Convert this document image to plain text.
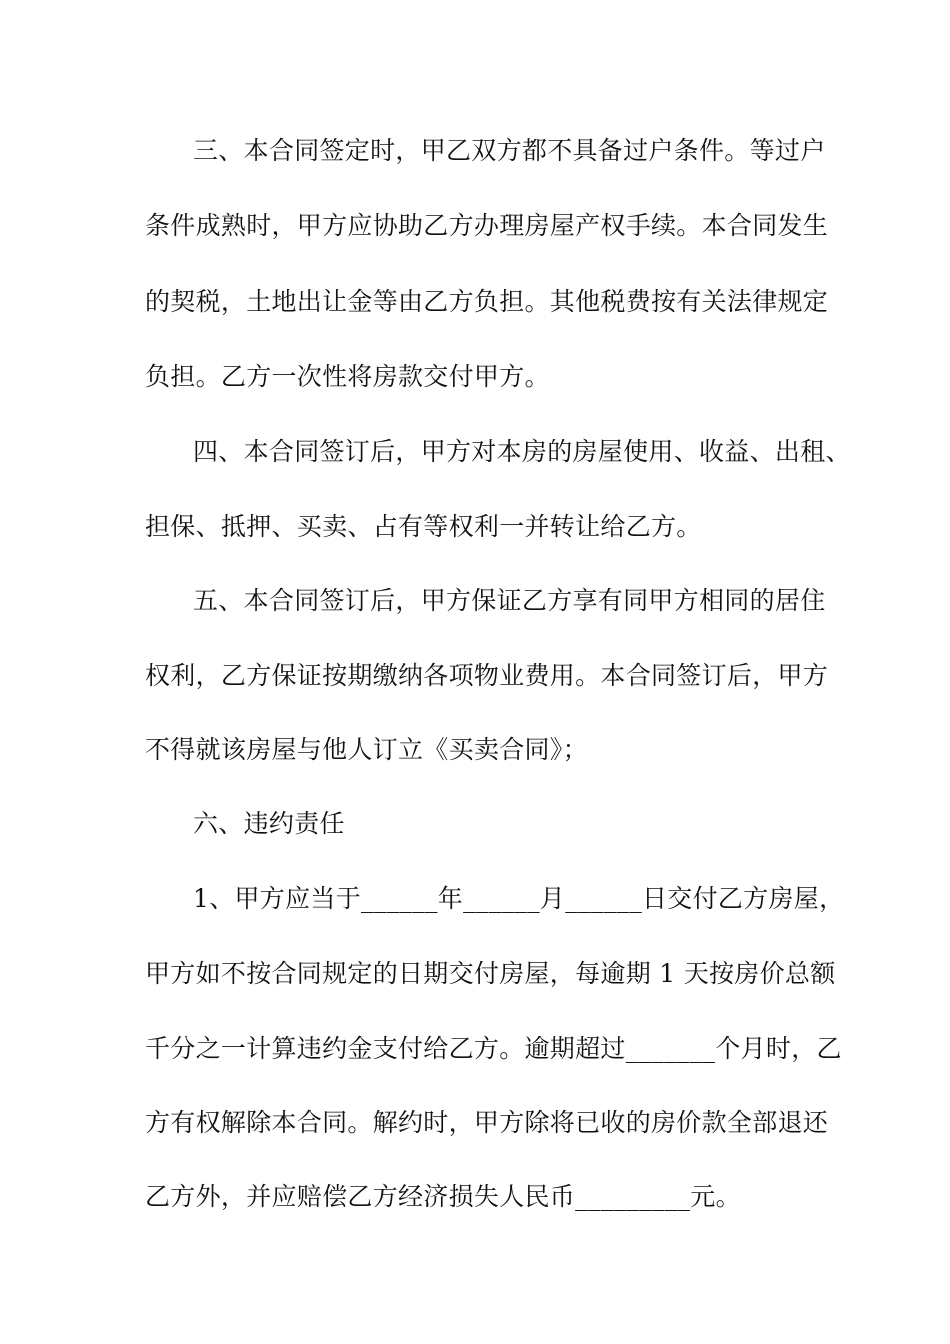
三、本合同签定时，甲乙双方都不具备过户条件。等过户
条件成熟时，甲方应协助乙方办理房屋产权手续。本合同发生
的契税，土地出让金等由乙方负担。其他税费按有关法律规定
负担。乙方一次性将房款交付甲方。
四、本合同签订后，甲方对本房的房屋使用、收益、出租、
担保、抵押、买卖、占有等权利一并转让给乙方。
五、本合同签订后，甲方保证乙方享有同甲方相同的居住
权利，乙方保证按期缴纳各项物业费用。本合同签订后，甲方
不得就该房屋与他人订立《买卖合同》；
六、违约责任
1、甲方应当于______年______月______日交付乙方房屋，
甲方如不按合同规定的日期交付房屋，每逾期 1 天按房价总额
千分之一计算违约金支付给乙方。逾期超过_______个月时，乙
方有权解除本合同。解约时，甲方除将已收的房价款全部退还
乙方外，并应赔偿乙方经济损失人民币_________元。
